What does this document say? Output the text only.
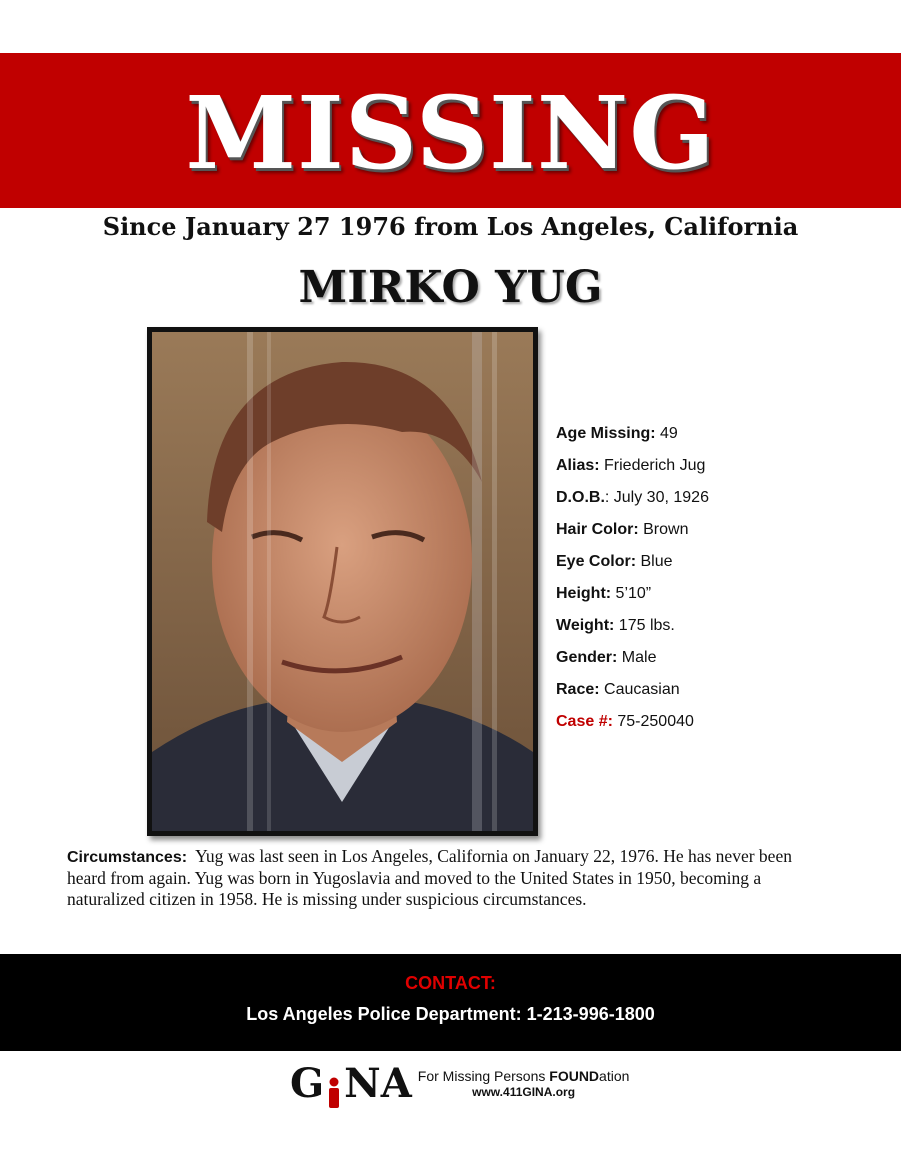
MISSING
Since January 27 1976 from Los Angeles, California
MIRKO YUG
Age Missing: 49
Alias: Friederich Jug
D.O.B.: July 30, 1926
Hair Color: Brown
Eye Color: Blue
Height: 5’10”
Weight: 175 lbs.
Gender: Male
Race: Caucasian
Case #: 75-250040
Circumstances: Yug was last seen in Los Angeles, California on January 22, 1976. He has never been heard from again. Yug was born in Yugoslavia and moved to the United States in 1950, becoming a naturalized citizen in 1958. He is missing under suspicious circumstances.
CONTACT:
Los Angeles Police Department: 1-213-996-1800
G NA For Missing Persons FOUNDation
www.411GINA.org
